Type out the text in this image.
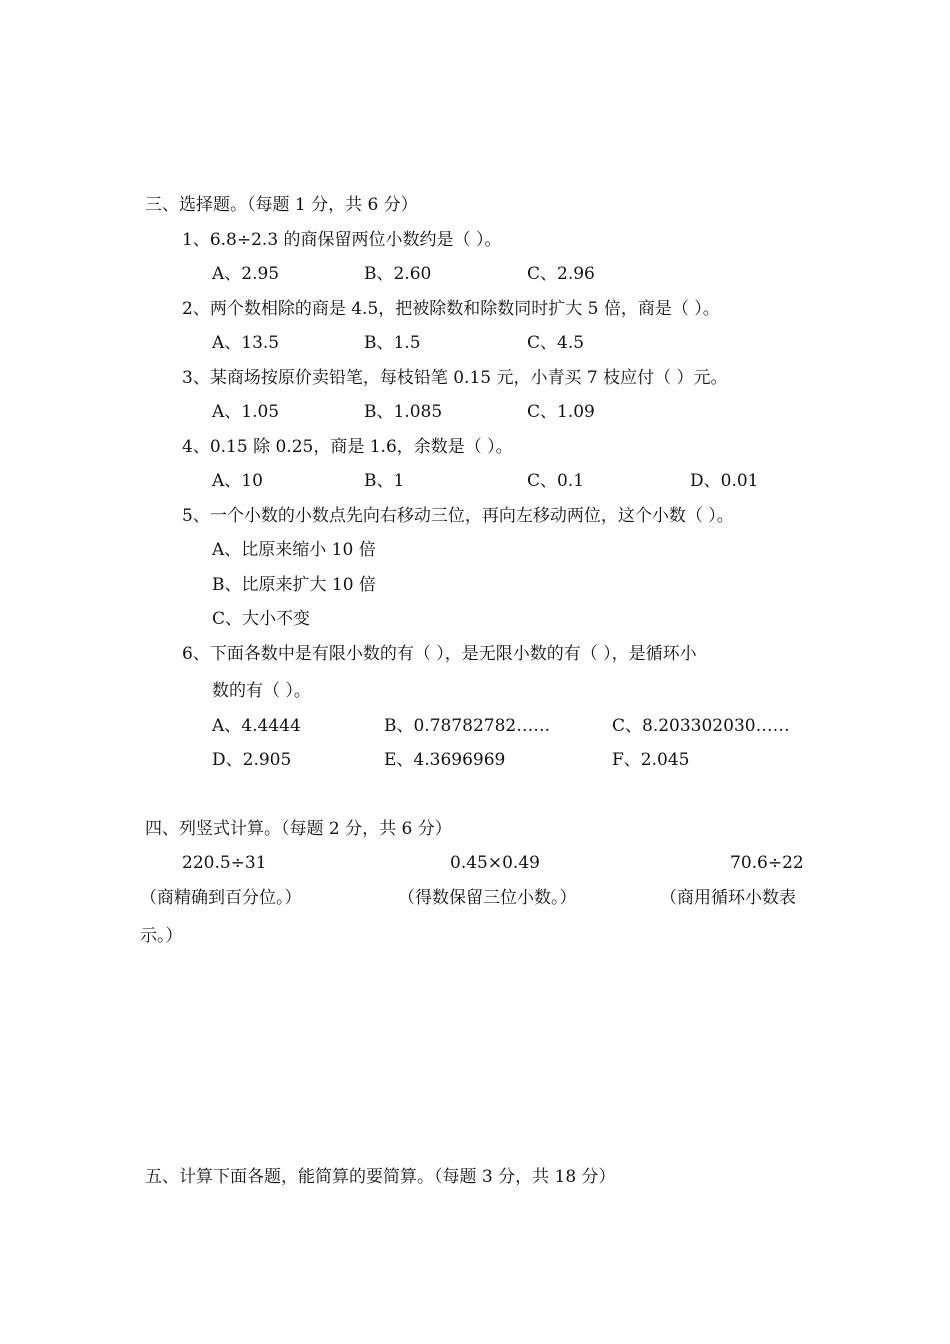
三、选择题。（每题 1 分，共 6 分）
1、6.8÷2.3 的商保留两位小数约是（ ）。
A、2.95	B、2.60	C、2.96
2、两个数相除的商是 4.5，把被除数和除数同时扩大 5 倍，商是（ ）。
A、13.5	B、1.5	C、4.5
3、某商场按原价卖铅笔，每枝铅笔 0.15 元，小青买 7 枝应付（ ）元。
A、1.05	B、1.085	C、1.09
4、0.15 除 0.25，商是 1.6，余数是（ ）。
A、10	B、1	C、0.1	D、0.01
5、一个小数的小数点先向右移动三位，再向左移动两位，这个小数（ ）。
A、比原来缩小 10 倍
B、比原来扩大 10 倍
C、大小不变
6、下面各数中是有限小数的有（ ），是无限小数的有（ ），是循环小
数的有（ ）。
A、4.4444	B、0.78782782……	C、8.203302030……
D、2.905	E、4.3696969	F、2.045
四、列竖式计算。（每题 2 分，共 6 分）
220.5÷31	0.45×0.49	70.6÷22
（商精确到百分位。）	（得数保留三位小数。）	（商用循环小数表
示。）
五、计算下面各题，能简算的要简算。（每题 3 分，共 18 分）
